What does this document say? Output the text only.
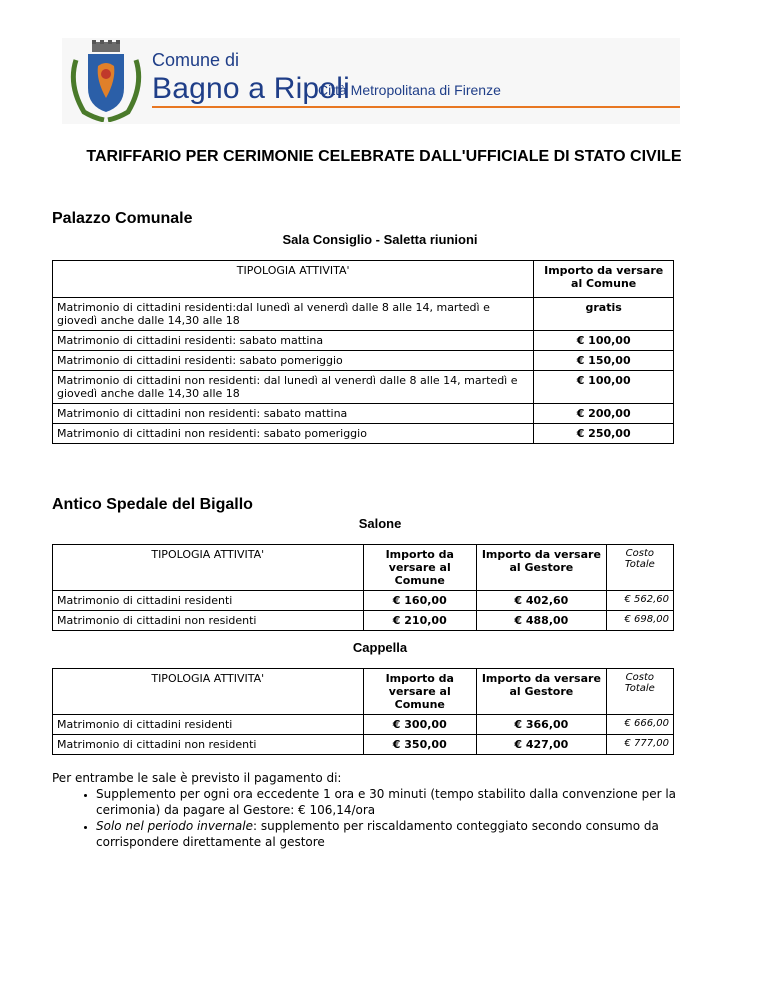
Comune di
Bagno a Ripoli
Città Metropolitana di Firenze
TARIFFARIO PER CERIMONIE CELEBRATE DALL'UFFICIALE DI STATO CIVILE
Palazzo Comunale
Sala Consiglio - Saletta riunioni
TIPOLOGIA ATTIVITA'	Importo da versare al Comune
Matrimonio di cittadini residenti:dal lunedì al venerdì dalle 8 alle 14, martedì e giovedì anche dalle 14,30 alle 18	gratis
Matrimonio di cittadini residenti: sabato mattina	€ 100,00
Matrimonio di cittadini residenti: sabato pomeriggio	€ 150,00
Matrimonio di cittadini non residenti: dal lunedì al venerdì dalle 8 alle 14, martedì e giovedì anche dalle 14,30 alle 18	€ 100,00
Matrimonio di cittadini non residenti: sabato mattina	€ 200,00
Matrimonio di cittadini non residenti: sabato pomeriggio	€ 250,00
Antico Spedale del Bigallo
Salone
TIPOLOGIA ATTIVITA'	Importo da versare al Comune	Importo da versare al Gestore	Costo Totale
Matrimonio di cittadini residenti	€ 160,00	€ 402,60	€ 562,60
Matrimonio di cittadini non residenti	€ 210,00	€ 488,00	€ 698,00
Cappella
TIPOLOGIA ATTIVITA'	Importo da versare al Comune	Importo da versare al Gestore	Costo Totale
Matrimonio di cittadini residenti	€ 300,00	€ 366,00	€ 666,00
Matrimonio di cittadini non residenti	€ 350,00	€ 427,00	€ 777,00
Per entrambe le sale è previsto il pagamento di:
• Supplemento per ogni ora eccedente 1 ora e 30 minuti (tempo stabilito dalla convenzione per la cerimonia) da pagare al Gestore: € 106,14/ora
• Solo nel periodo invernale: supplemento per riscaldamento conteggiato secondo consumo da corrispondere direttamente al gestore
